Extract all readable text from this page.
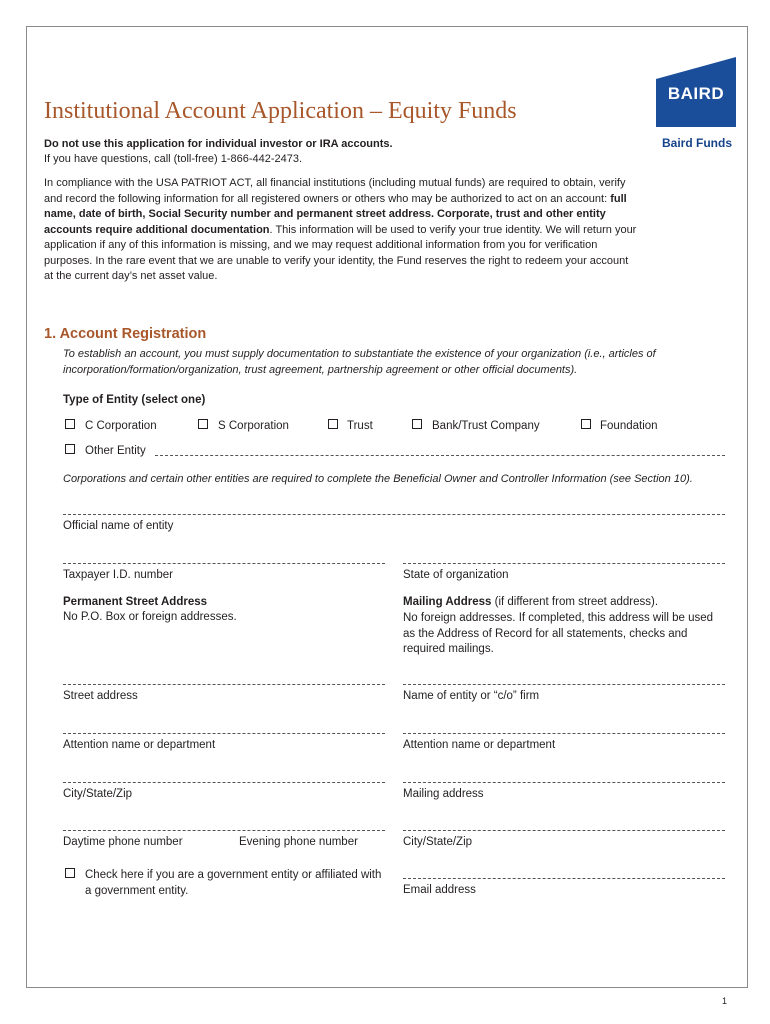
BAIRD
Baird Funds
Institutional Account Application – Equity Funds
Do not use this application for individual investor or IRA accounts.
If you have questions, call (toll-free) 1-866-442-2473.
In compliance with the USA PATRIOT ACT, all financial institutions (including mutual funds) are required to obtain, verify and record the following information for all registered owners or others who may be authorized to act on an account: full name, date of birth, Social Security number and permanent street address. Corporate, trust and other entity accounts require additional documentation. This information will be used to verify your true identity. We will return your application if any of this information is missing, and we may request additional information from you for verification purposes. In the rare event that we are unable to verify your identity, the Fund reserves the right to redeem your account at the current day’s net asset value.
1. Account Registration
To establish an account, you must supply documentation to substantiate the existence of your organization (i.e., articles of incorporation/formation/organization, trust agreement, partnership agreement or other official documents).
Type of Entity (select one)
C Corporation	S Corporation	Trust	Bank/Trust Company	Foundation
Other Entity
Corporations and certain other entities are required to complete the Beneficial Owner and Controller Information (see Section 10).
Official name of entity
Taxpayer I.D. number	State of organization
Permanent Street Address
No P.O. Box or foreign addresses.
Mailing Address (if different from street address).
No foreign addresses. If completed, this address will be used as the Address of Record for all statements, checks and required mailings.
Street address
Attention name or department
City/State/Zip
Daytime phone number	Evening phone number
Check here if you are a government entity or affiliated with a government entity.
Name of entity or “c/o” firm
Attention name or department
Mailing address
City/State/Zip
Email address
1
